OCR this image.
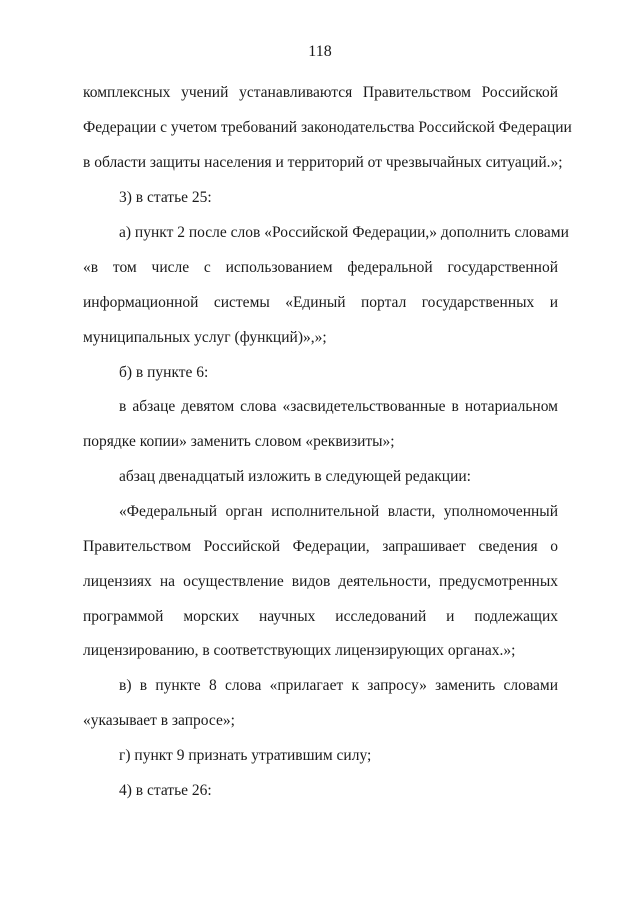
118
комплексных учений устанавливаются Правительством Российской
Федерации с учетом требований законодательства Российской Федерации
в области защиты населения и территорий от чрезвычайных ситуаций.»;
3) в статье 25:
а) пункт 2 после слов «Российской Федерации,» дополнить словами
«в том числе с использованием федеральной государственной
информационной системы «Единый портал государственных и
муниципальных услуг (функций)»,»;
б) в пункте 6:
в абзаце девятом слова «засвидетельствованные в нотариальном
порядке копии» заменить словом «реквизиты»;
абзац двенадцатый изложить в следующей редакции:
«Федеральный орган исполнительной власти, уполномоченный
Правительством Российской Федерации, запрашивает сведения о
лицензиях на осуществление видов деятельности, предусмотренных
программой морских научных исследований и подлежащих
лицензированию, в соответствующих лицензирующих органах.»;
в) в пункте 8 слова «прилагает к запросу» заменить словами
«указывает в запросе»;
г) пункт 9 признать утратившим силу;
4) в статье 26:
